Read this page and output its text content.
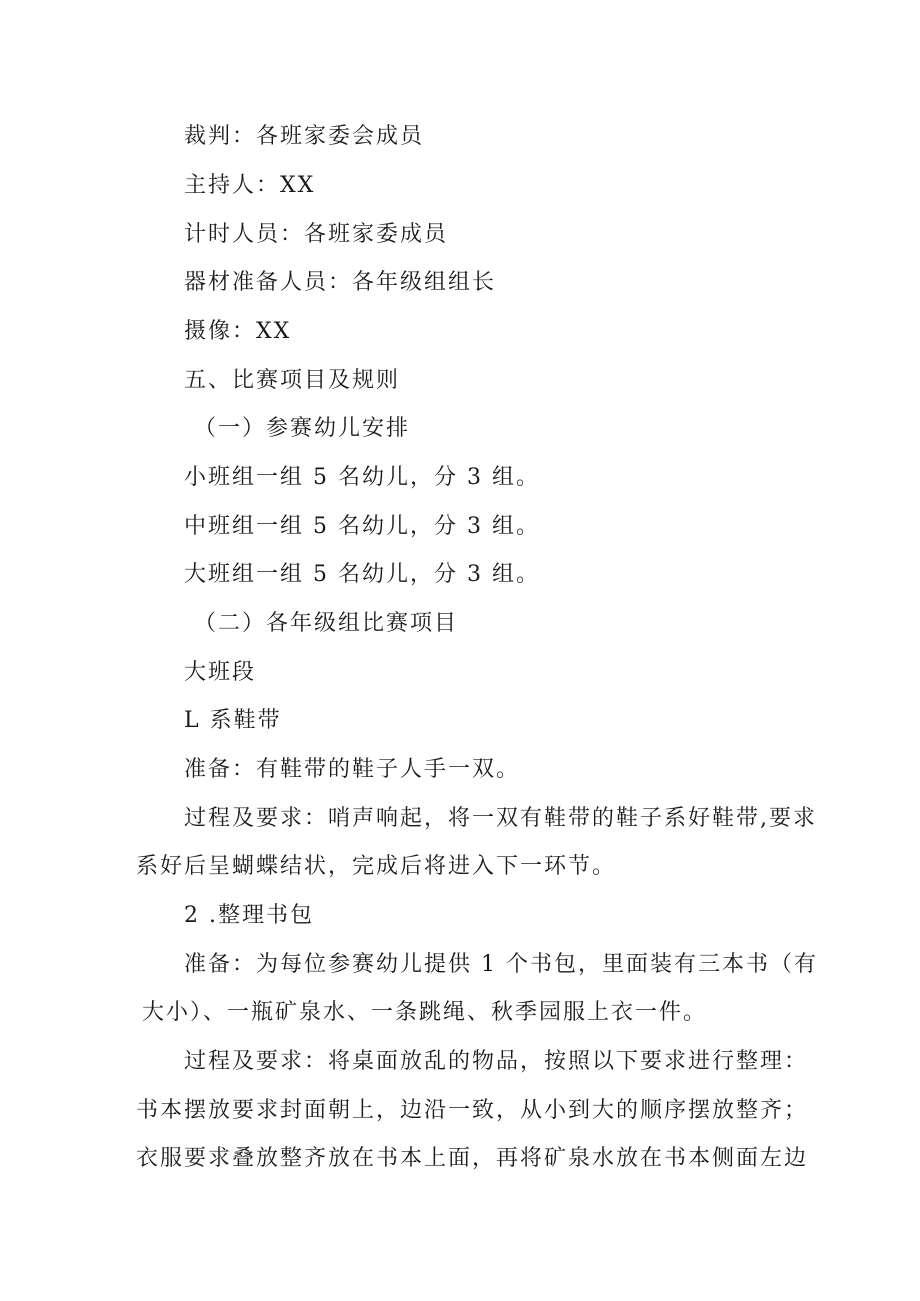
裁判：各班家委会成员
主持人：XX
计时人员：各班家委成员
器材准备人员：各年级组组长
摄像：XX
五、比赛项目及规则
（一）参赛幼儿安排
小班组一组 5 名幼儿，分 3 组。
中班组一组 5 名幼儿，分 3 组。
大班组一组 5 名幼儿，分 3 组。
（二）各年级组比赛项目
大班段
L 系鞋带
准备：有鞋带的鞋子人手一双。
过程及要求：哨声响起，将一双有鞋带的鞋子系好鞋带,要求
系好后呈蝴蝶结状，完成后将进入下一环节。
2 .整理书包
准备：为每位参赛幼儿提供 1 个书包，里面装有三本书（有
大小）、一瓶矿泉水、一条跳绳、秋季园服上衣一件。
过程及要求：将桌面放乱的物品，按照以下要求进行整理：
书本摆放要求封面朝上，边沿一致，从小到大的顺序摆放整齐；
衣服要求叠放整齐放在书本上面，再将矿泉水放在书本侧面左边
